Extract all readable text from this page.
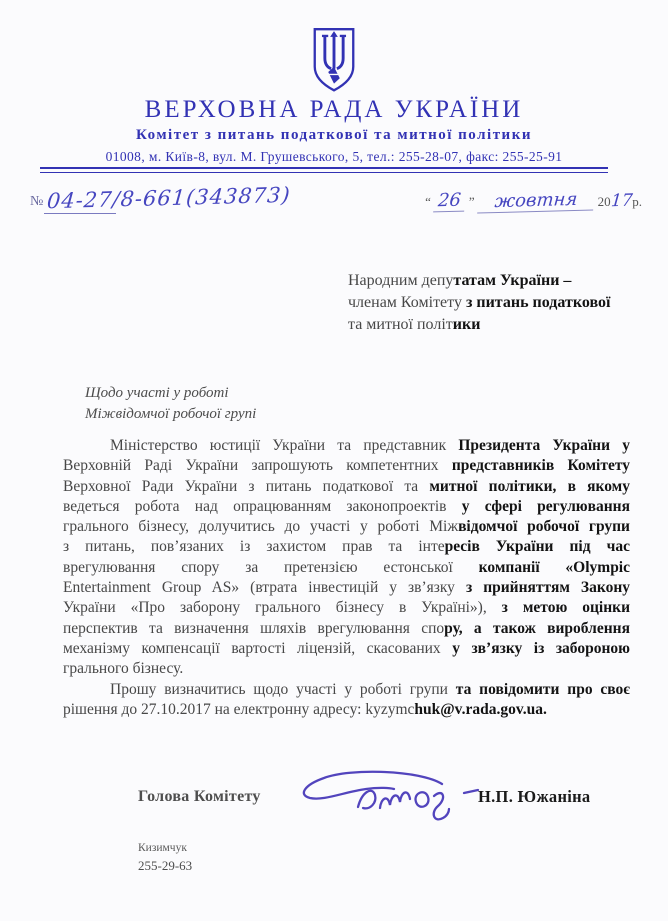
ВЕРХОВНА РАДА УКРАЇНИ
Комітет з питань податкової та митної політики
01008, м. Київ-8, вул. М. Грушевського, 5, тел.: 255-28-07, факс: 255-25-91
№ 04-27/8-661(343873)	“ 26 ” жовтня 2017р.
Народним депутатам України –
членам Комітету з питань податкової
та митної політики
Щодо участі у роботі
Міжвідомчої робочої групі
Міністерство юстиції України та представник Президента України у
Верховній Раді України запрошують компетентних представників Комітету
Верховної Ради України з питань податкової та митної політики, в якому
ведеться робота над опрацюванням законопроектів у сфері регулювання
грального бізнесу, долучитись до участі у роботі Міжвідомчої робочої групи
з питань, пов’язаних із захистом прав та інтересів України під час
врегулювання спору за претензією естонської компанії «Olympic
Entertainment Group AS» (втрата інвестицій у зв’язку з прийняттям Закону
України «Про заборону грального бізнесу в Україні»), з метою оцінки
перспектив та визначення шляхів врегулювання спору, а також вироблення
механізму компенсації вартості ліцензій, скасованих у зв’язку із забороною
грального бізнесу.
Прошу визначитись щодо участі у роботі групи та повідомити про своє
рішення до 27.10.2017 на електронну адресу: kyzymchuk@v.rada.gov.ua.
Голова Комітету	Н.П. Южаніна
Кизимчук
255-29-63
